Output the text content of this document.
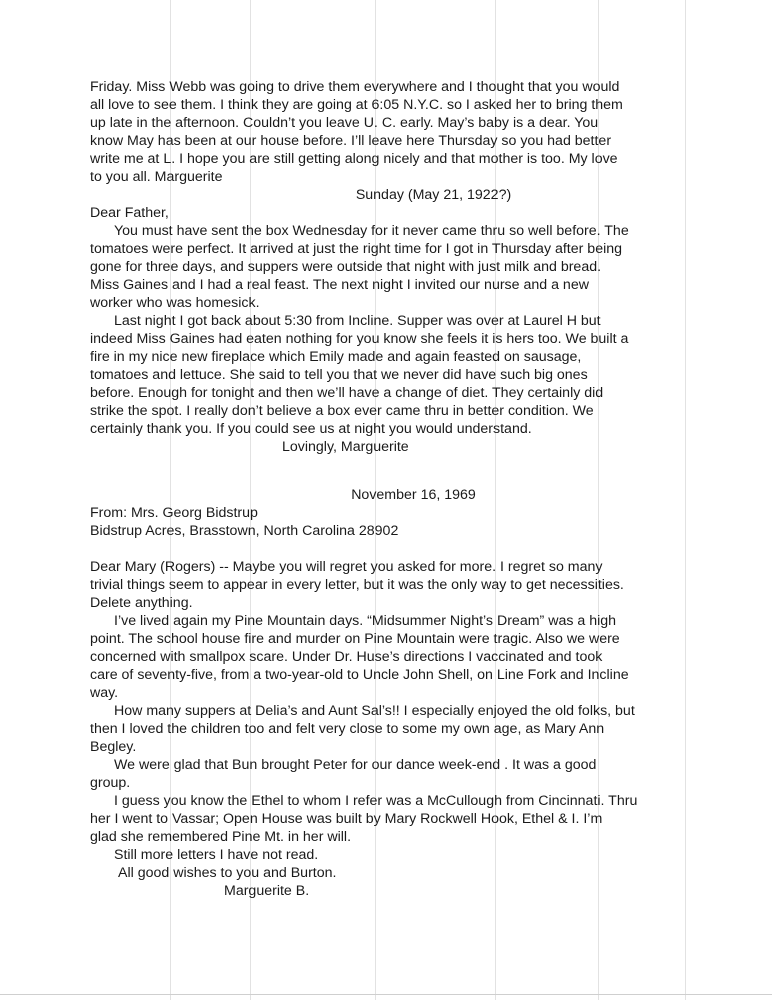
Friday. Miss Webb was going to drive them everywhere and I thought that you would
all love to see them. I think they are going at 6:05 N.Y.C. so I asked her to bring them
up late in the afternoon. Couldn’t you leave U. C. early. May’s baby is a dear. You
know May has been at our house before. I’ll leave here Thursday so you had better
write me at L. I hope you are still getting along nicely and that mother is too. My love
to you all. Marguerite
Sunday (May 21, 1922?)
Dear Father,
You must have sent the box Wednesday for it never came thru so well before. The
tomatoes were perfect. It arrived at just the right time for I got in Thursday after being
gone for three days, and suppers were outside that night with just milk and bread.
Miss Gaines and I had a real feast. The next night I invited our nurse and a new
worker who was homesick.
Last night I got back about 5:30 from Incline. Supper was over at Laurel H but
indeed Miss Gaines had eaten nothing for you know she feels it is hers too. We built a
fire in my nice new fireplace which Emily made and again feasted on sausage,
tomatoes and lettuce. She said to tell you that we never did have such big ones
before. Enough for tonight and then we’ll have a change of diet. They certainly did
strike the spot. I really don’t believe a box ever came thru in better condition. We
certainly thank you. If you could see us at night you would understand.
Lovingly, Marguerite
November 16, 1969
From: Mrs. Georg Bidstrup
Bidstrup Acres, Brasstown, North Carolina 28902
Dear Mary (Rogers) -- Maybe you will regret you asked for more. I regret so many
trivial things seem to appear in every letter, but it was the only way to get necessities.
Delete anything.
I’ve lived again my Pine Mountain days. “Midsummer Night’s Dream” was a high
point. The school house fire and murder on Pine Mountain were tragic. Also we were
concerned with smallpox scare. Under Dr. Huse’s directions I vaccinated and took
care of seventy-five, from a two-year-old to Uncle John Shell, on Line Fork and Incline
way.
How many suppers at Delia’s and Aunt Sal’s!! I especially enjoyed the old folks, but
then I loved the children too and felt very close to some my own age, as Mary Ann
Begley.
We were glad that Bun brought Peter for our dance week-end . It was a good
group.
I guess you know the Ethel to whom I refer was a McCullough from Cincinnati. Thru
her I went to Vassar; Open House was built by Mary Rockwell Hook, Ethel & I. I’m
glad she remembered Pine Mt. in her will.
Still more letters I have not read.
All good wishes to you and Burton.
Marguerite B.
